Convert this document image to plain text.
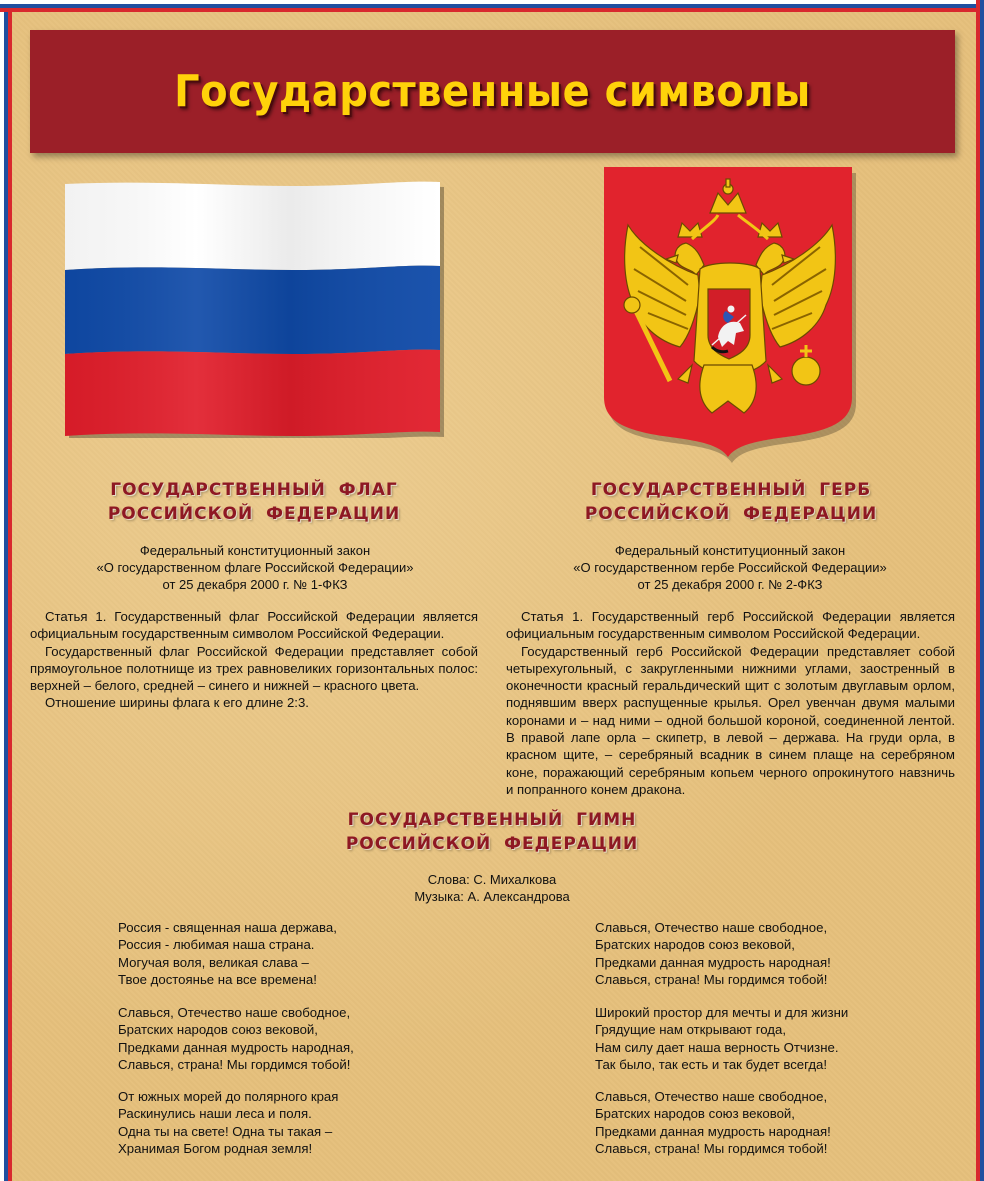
Государственные символы
ГОСУДАРСТВЕННЫЙ ФЛАГ
РОССИЙСКОЙ ФЕДЕРАЦИИ
Федеральный конституционный закон
«О государственном флаге Российской Федерации»
от 25 декабря 2000 г. № 1-ФКЗ

Статья 1. Государственный флаг Российской Федерации является официальным государственным символом Российской Федерации.

Государственный флаг Российской Федерации представляет собой прямоугольное полотнище из трех равновеликих горизонтальных полос: верхней – белого, средней – синего и нижней – красного цвета.

Отношение ширины флага к его длине 2:3.

ГОСУДАРСТВЕННЫЙ ГЕРБ
РОССИЙСКОЙ ФЕДЕРАЦИИ
Федеральный конституционный закон
«О государственном гербе Российской Федерации»
от 25 декабря 2000 г. № 2-ФКЗ

Статья 1. Государственный герб Российской Федерации является официальным государственным символом Российской Федерации.

Государственный герб Российской Федерации представляет собой четырехугольный, с закругленными нижними углами, заостренный в оконечности красный геральдический щит с золотым двуглавым орлом, поднявшим вверх распущенные крылья. Орел увенчан двумя малыми коронами и – над ними – одной большой короной, соединенной лентой. В правой лапе орла – скипетр, в левой – держава. На груди орла, в красном щите, – серебряный всадник в синем плаще на серебряном коне, поражающий серебряным копьем черного опрокинутого навзничь и попранного конем дракона.

ГОСУДАРСТВЕННЫЙ ГИМН
РОССИЙСКОЙ ФЕДЕРАЦИИ
Слова: С. Михалкова
Музыка: А. Александрова
Россия - священная наша держава,
Россия - любимая наша страна.
Могучая воля, великая слава –
Твое достоянье на все времена!
Славься, Отечество наше свободное,
Братских народов союз вековой,
Предками данная мудрость народная,
Славься, страна! Мы гордимся тобой!
От южных морей до полярного края
Раскинулись наши леса и поля.
Одна ты на свете! Одна ты такая –
Хранимая Богом родная земля!
Славься, Отечество наше свободное,
Братских народов союз вековой,
Предками данная мудрость народная!
Славься, страна! Мы гордимся тобой!
Широкий простор для мечты и для жизни
Грядущие нам открывают года,
Нам силу дает наша верность Отчизне.
Так было, так есть и так будет всегда!
Славься, Отечество наше свободное,
Братских народов союз вековой,
Предками данная мудрость народная!
Славься, страна! Мы гордимся тобой!
